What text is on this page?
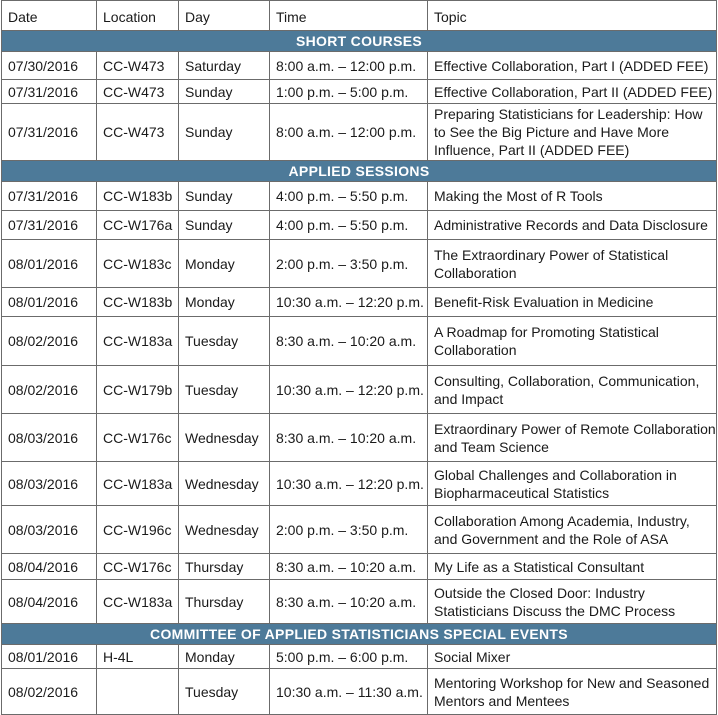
Date	Location	Day	Time	Topic
SHORT COURSES				
07/30/2016	CC-W473	Saturday	8:00 a.m. – 12:00 p.m.	Effective Collaboration, Part I (ADDED FEE)
07/31/2016	CC-W473	Sunday	1:00 p.m. – 5:00 p.m.	Effective Collaboration, Part II (ADDED FEE)
07/31/2016	CC-W473	Sunday	8:00 a.m. – 12:00 p.m.	Preparing Statisticians for Leadership: How to See the Big Picture and Have More Influence, Part II (ADDED FEE)
APPLIED SESSIONS				
07/31/2016	CC-W183b	Sunday	4:00 p.m. – 5:50 p.m.	Making the Most of R Tools
07/31/2016	CC-W176a	Sunday	4:00 p.m. – 5:50 p.m.	Administrative Records and Data Disclosure
08/01/2016	CC-W183c	Monday	2:00 p.m. – 3:50 p.m.	The Extraordinary Power of Statistical Collaboration
08/01/2016	CC-W183b	Monday	10:30 a.m. – 12:20 p.m.	Benefit-Risk Evaluation in Medicine
08/02/2016	CC-W183a	Tuesday	8:30 a.m. – 10:20 a.m.	A Roadmap for Promoting Statistical Collaboration
08/02/2016	CC-W179b	Tuesday	10:30 a.m. – 12:20 p.m.	Consulting, Collaboration, Communication, and Impact
08/03/2016	CC-W176c	Wednesday	8:30 a.m. – 10:20 a.m.	Extraordinary Power of Remote Collaboration and Team Science
08/03/2016	CC-W183a	Wednesday	10:30 a.m. – 12:20 p.m.	Global Challenges and Collaboration in Biopharmaceutical Statistics
08/03/2016	CC-W196c	Wednesday	2:00 p.m. – 3:50 p.m.	Collaboration Among Academia, Industry, and Government and the Role of ASA
08/04/2016	CC-W176c	Thursday	8:30 a.m. – 10:20 a.m.	My Life as a Statistical Consultant
08/04/2016	CC-W183a	Thursday	8:30 a.m. – 10:20 a.m.	Outside the Closed Door: Industry Statisticians Discuss the DMC Process
COMMITTEE OF APPLIED STATISTICIANS SPECIAL EVENTS				
08/01/2016	H-4L	Monday	5:00 p.m. – 6:00 p.m.	Social Mixer
08/02/2016		Tuesday	10:30 a.m. – 11:30 a.m.	Mentoring Workshop for New and Seasoned Mentors and Mentees
